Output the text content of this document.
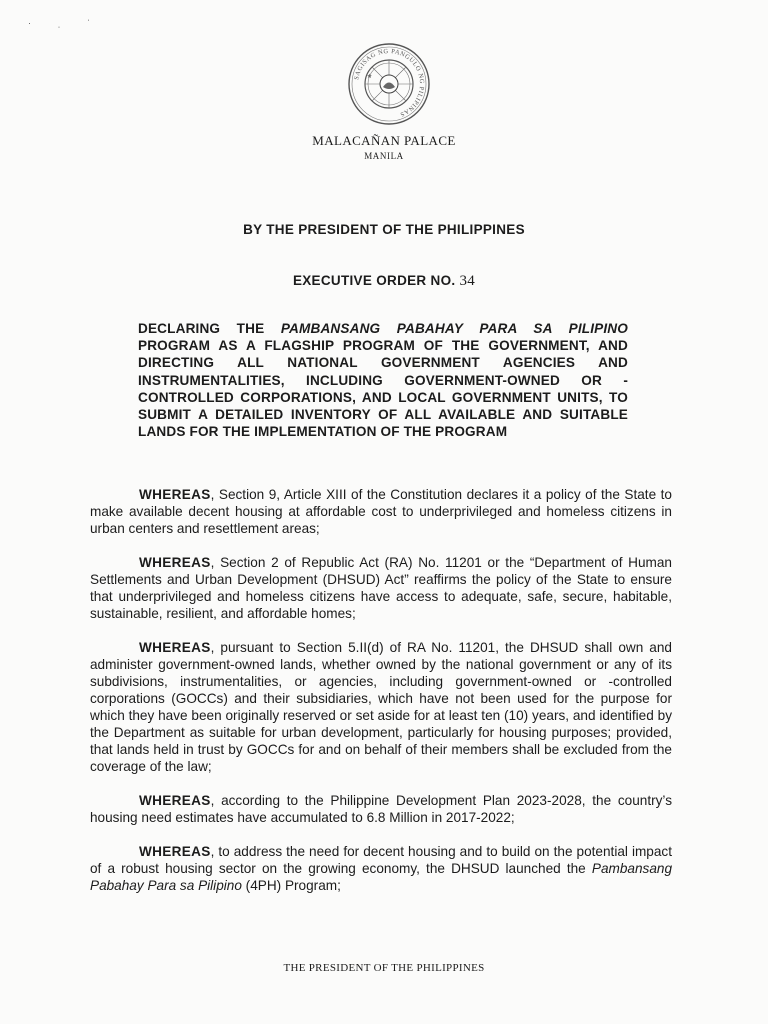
· ˌ ˈ
SAGISAG NG PANGULO NG PILIPINAS
MALACAÑAN PALACE
MANILA
BY THE PRESIDENT OF THE PHILIPPINES
EXECUTIVE ORDER NO. 34
DECLARING THE PAMBANSANG PABAHAY PARA SA PILIPINO PROGRAM AS A FLAGSHIP PROGRAM OF THE GOVERNMENT, AND DIRECTING ALL NATIONAL GOVERNMENT AGENCIES AND INSTRUMENTALITIES, INCLUDING GOVERNMENT-OWNED OR -CONTROLLED CORPORATIONS, AND LOCAL GOVERNMENT UNITS, TO SUBMIT A DETAILED INVENTORY OF ALL AVAILABLE AND SUITABLE LANDS FOR THE IMPLEMENTATION OF THE PROGRAM

WHEREAS, Section 9, Article XIII of the Constitution declares it a policy of the State to make available decent housing at affordable cost to underprivileged and homeless citizens in urban centers and resettlement areas;

WHEREAS, Section 2 of Republic Act (RA) No. 11201 or the “Department of Human Settlements and Urban Development (DHSUD) Act” reaffirms the policy of the State to ensure that underprivileged and homeless citizens have access to adequate, safe, secure, habitable, sustainable, resilient, and affordable homes;

WHEREAS, pursuant to Section 5.II(d) of RA No. 11201, the DHSUD shall own and administer government-owned lands, whether owned by the national government or any of its subdivisions, instrumentalities, or agencies, including government-owned or -controlled corporations (GOCCs) and their subsidiaries, which have not been used for the purpose for which they have been originally reserved or set aside for at least ten (10) years, and identified by the Department as suitable for urban development, particularly for housing purposes; provided, that lands held in trust by GOCCs for and on behalf of their members shall be excluded from the coverage of the law;

WHEREAS, according to the Philippine Development Plan 2023-2028, the country’s housing need estimates have accumulated to 6.8 Million in 2017-2022;

WHEREAS, to address the need for decent housing and to build on the potential impact of a robust housing sector on the growing economy, the DHSUD launched the Pambansang Pabahay Para sa Pilipino (4PH) Program;

THE PRESIDENT OF THE PHILIPPINES
